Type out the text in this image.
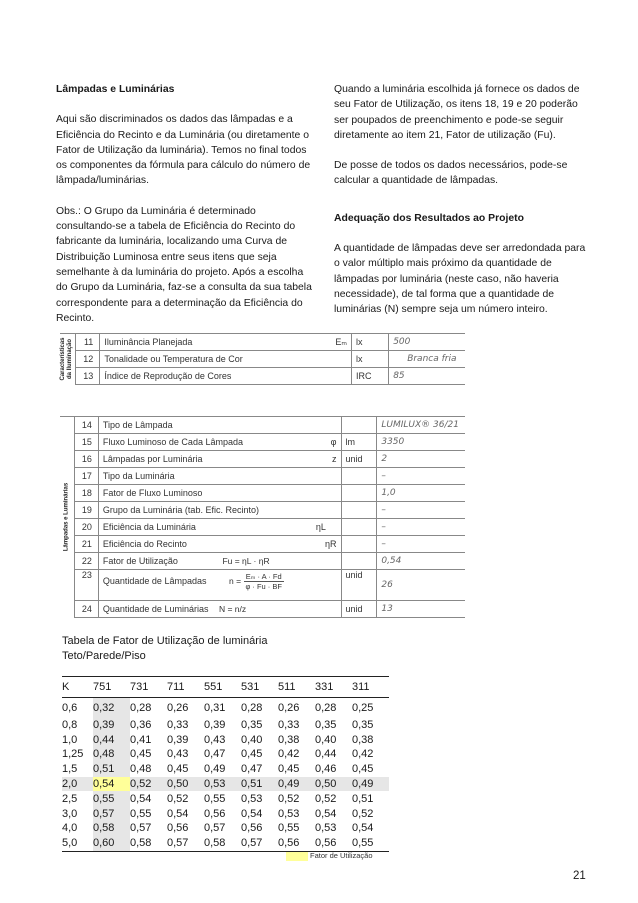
Lâmpadas e Luminárias

Aqui são discriminados os dados das lâmpadas e a Eficiência do Recinto e da Luminária (ou diretamente o Fator de Utilização da luminária). Temos no final todos os componentes da fórmula para cálculo do número de lâmpada/luminárias.

Obs.: O Grupo da Luminária é determinado consultando-se a tabela de Eficiência do Recinto do fabricante da luminária, localizando uma Curva de Distribuição Luminosa entre seus itens que seja semelhante à da luminária do projeto. Após a escolha do Grupo da Luminária, faz-se a consulta da sua tabela correspondente para a determinação da Eficiência do Recinto.

Quando a luminária escolhida já fornece os dados de seu Fator de Utilização, os itens 18, 19 e 20 poderão ser poupados de preenchimento e pode-se seguir diretamente ao item 21, Fator de utilização (Fu).

De posse de todos os dados necessários, pode-se calcular a quantidade de lâmpadas.

Adequação dos Resultados ao Projeto

A quantidade de lâmpadas deve ser arredondada para o valor múltiplo mais próximo da quantidade de lâmpadas por luminária (neste caso, não haveria necessidade), de tal forma que a quantidade de luminárias (N) sempre seja um número inteiro.

Características da Iluminação	11	Iluminância Planejada	Eₘ	lx	500
	12	Tonalidade ou Temperatura de Cor		lx	Branca fria
	13	Índice de Reprodução de Cores		IRC	85
Lâmpadas e Luminárias	14	Tipo de Lâmpada			LUMILUX® 36/21
	15	Fluxo Luminoso de Cada Lâmpada	φ	lm	3350
	16	Lâmpadas por Luminária	z	unid	2
	17	Tipo da Luminária			–
	18	Fator de Fluxo Luminoso			1,0
	19	Grupo da Luminária (tab. Efic. Recinto)			–
	20	Eficiência da Luminária	ηL		–
	21	Eficiência do Recinto	ηR		–
	22	Fator de Utilização Fu = ηL · ηR			0,54
	23	Quantidade de Lâmpadas $n = \frac{\text{Eₘ · A · Fd}}{\varphi \cdot Fu \cdot BF}$		unid	26
	24	Quantidade de Luminárias N = n/z		unid	13
Tabela de Fator de Utilização de luminária
Teto/Parede/Piso
K	751	731	711	551	531	511	331	311
0,6	0,32	0,28	0,26	0,31	0,28	0,26	0,28	0,25
0,8	0,39	0,36	0,33	0,39	0,35	0,33	0,35	0,35
1,0	0,44	0,41	0,39	0,43	0,40	0,38	0,40	0,38
1,25	0,48	0,45	0,43	0,47	0,45	0,42	0,44	0,42
1,5	0,51	0,48	0,45	0,49	0,47	0,45	0,46	0,45
2,0	0,54	0,52	0,50	0,53	0,51	0,49	0,50	0,49
2,5	0,55	0,54	0,52	0,55	0,53	0,52	0,52	0,51
3,0	0,57	0,55	0,54	0,56	0,54	0,53	0,54	0,52
4,0	0,58	0,57	0,56	0,57	0,56	0,55	0,53	0,54
5,0	0,60	0,58	0,57	0,58	0,57	0,56	0,56	0,55
Fator de Utilização
21
